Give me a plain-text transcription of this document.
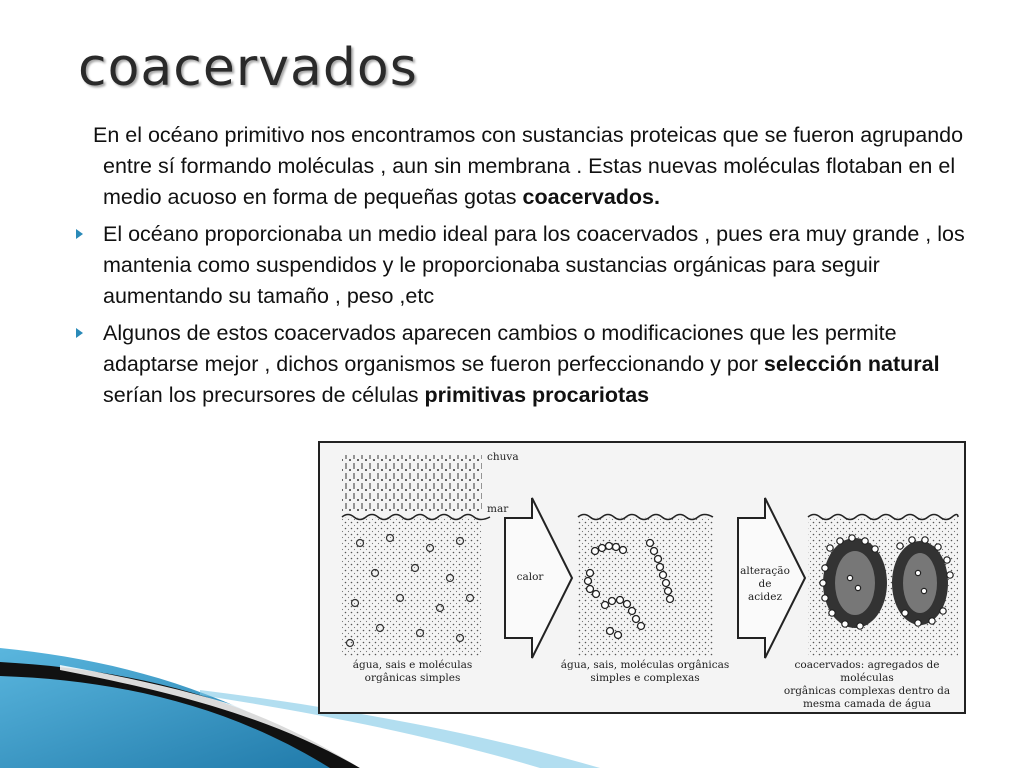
coacervados

En el océano primitivo nos encontramos con sustancias proteicas que se fueron agrupando entre sí formando moléculas , aun sin membrana . Estas nuevas moléculas flotaban en el medio acuoso en forma de pequeñas gotas coacervados.

El océano proporcionaba un medio ideal para los coacervados , pues era muy grande , los mantenia como suspendidos y le proporcionaba sustancias orgánicas para seguir aumentando su tamaño , peso ,etc

Algunos de estos coacervados aparecen cambios o modificaciones que les permite adaptarse mejor , dichos organismos se fueron perfeccionando y por selección natural serían los precursores de células primitivas procariotas

chuva
mar
calor	alteração
de acidez
água, sais e moléculas
orgânicas simples
água, sais, moléculas orgânicas
simples e complexas
coacervados: agregados de moléculas
orgânicas complexas dentro da
mesma camada de água
